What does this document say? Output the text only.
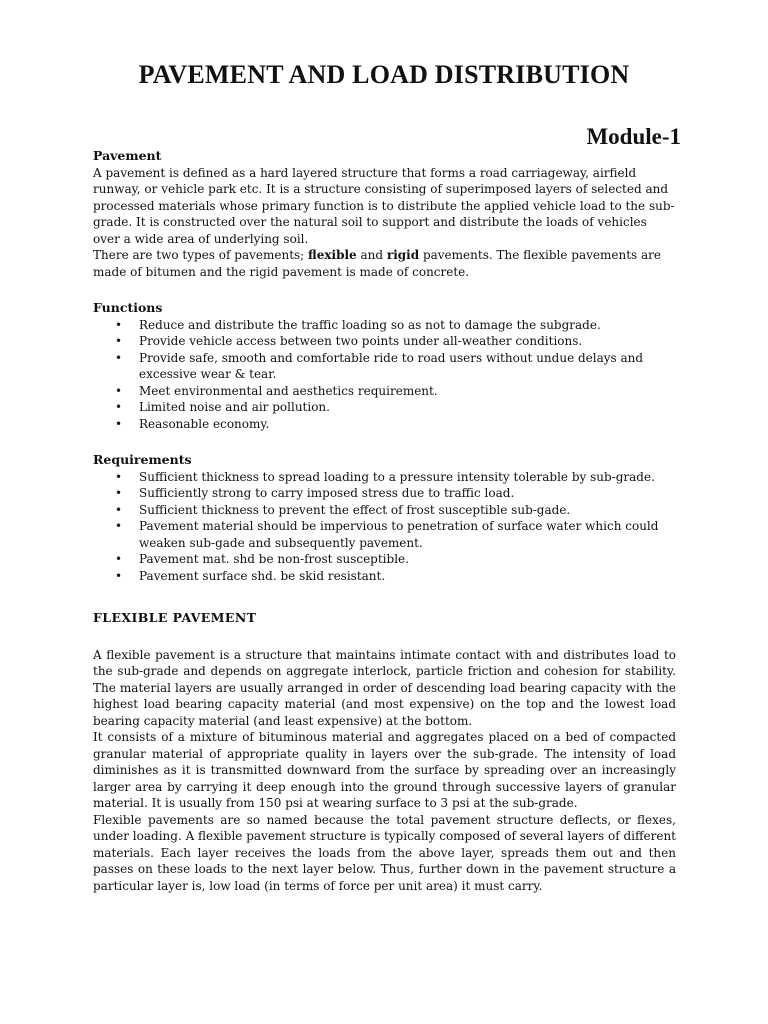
PAVEMENT AND LOAD DISTRIBUTION
Module-1

Pavement

A pavement is defined as a hard layered structure that forms a road carriageway, airfield runway, or vehicle park etc. It is a structure consisting of superimposed layers of selected and processed materials whose primary function is to distribute the applied vehicle load to the sub-grade. It is constructed over the natural soil to support and distribute the loads of vehicles over a wide area of underlying soil.

There are two types of pavements; flexible and rigid pavements. The flexible pavements are made of bitumen and the rigid pavement is made of concrete.

Functions

• Reduce and distribute the traffic loading so as not to damage the subgrade.
• Provide vehicle access between two points under all-weather conditions.
• Provide safe, smooth and comfortable ride to road users without undue delays and excessive wear & tear.
• Meet environmental and aesthetics requirement.
• Limited noise and air pollution.
• Reasonable economy.

Requirements

• Sufficient thickness to spread loading to a pressure intensity tolerable by sub-grade.
• Sufficiently strong to carry imposed stress due to traffic load.
• Sufficient thickness to prevent the effect of frost susceptible sub-gade.
• Pavement material should be impervious to penetration of surface water which could weaken sub-gade and subsequently pavement.
• Pavement mat. shd be non-frost susceptible.
• Pavement surface shd. be skid resistant.

FLEXIBLE PAVEMENT

A flexible pavement is a structure that maintains intimate contact with and distributes load to the sub-grade and depends on aggregate interlock, particle friction and cohesion for stability. The material layers are usually arranged in order of descending load bearing capacity with the highest load bearing capacity material (and most expensive) on the top and the lowest load bearing capacity material (and least expensive) at the bottom.

It consists of a mixture of bituminous material and aggregates placed on a bed of compacted granular material of appropriate quality in layers over the sub-grade. The intensity of load diminishes as it is transmitted downward from the surface by spreading over an increasingly larger area by carrying it deep enough into the ground through successive layers of granular material. It is usually from 150 psi at wearing surface to 3 psi at the sub-grade.

Flexible pavements are so named because the total pavement structure deflects, or flexes, under loading. A flexible pavement structure is typically composed of several layers of different materials. Each layer receives the loads from the above layer, spreads them out and then passes on these loads to the next layer below. Thus, further down in the pavement structure a particular layer is, low load (in terms of force per unit area) it must carry.
